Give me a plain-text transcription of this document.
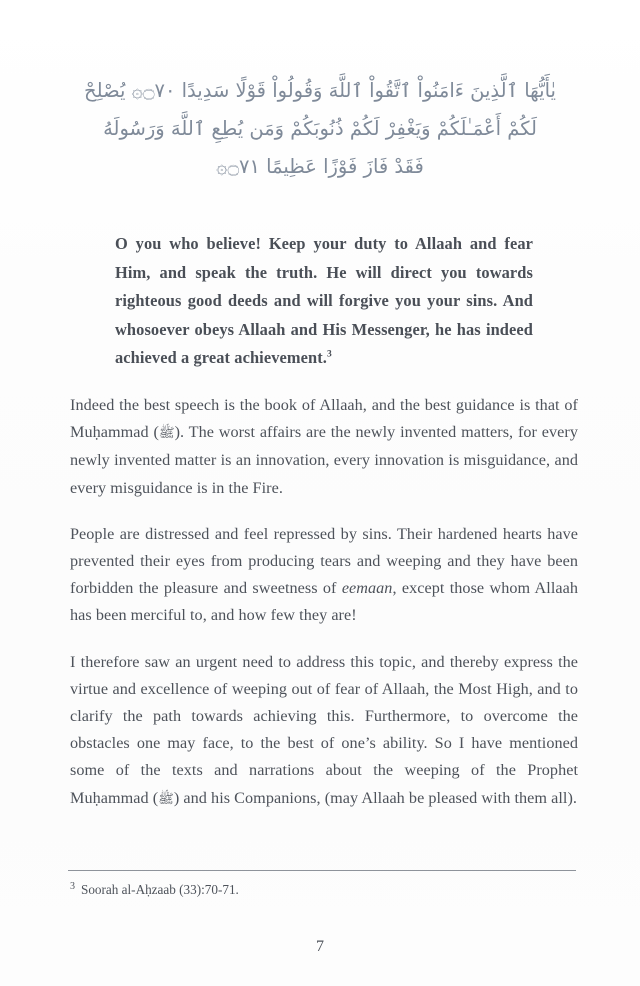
يٰأَيُّهَا ٱلَّذِينَ ءَامَنُواْ ٱتَّقُواْ ٱللَّهَ وَقُولُواْ قَوْلًا سَدِيدًا ۝٧٠۞ يُصْلِحْ
لَكُمْ أَعْمَـٰلَكُمْ وَيَغْفِرْ لَكُمْ ذُنُوبَكُمْ وَمَن يُطِعِ ٱللَّهَ وَرَسُولَهُ
فَقَدْ فَازَ فَوْزًا عَظِيمًا ۝٧١۞

O you who believe! Keep your duty to Allaah and fear Him, and speak the truth. He will direct you towards righteous good deeds and will forgive you your sins. And whosoever obeys Allaah and His Messenger, he has indeed achieved a great achievement.$^3$

Indeed the best speech is the book of Allaah, and the best guidance is that of Muḥammad (ﷺ). The worst affairs are the newly invented matters, for every newly invented matter is an innovation, every innovation is misguidance, and every misguidance is in the Fire.

People are distressed and feel repressed by sins. Their hardened hearts have prevented their eyes from producing tears and weeping and they have been forbidden the pleasure and sweetness of eemaan, except those whom Allaah has been merciful to, and how few they are!

I therefore saw an urgent need to address this topic, and thereby express the virtue and excellence of weeping out of fear of Allaah, the Most High, and to clarify the path towards achieving this. Furthermore, to overcome the obstacles one may face, to the best of one’s ability. So I have mentioned some of the texts and narrations about the weeping of the Prophet Muḥammad (ﷺ) and his Companions, (may Allaah be pleased with them all).

$^3$ Soorah al-Aḥzaab (33):70-71.
7
